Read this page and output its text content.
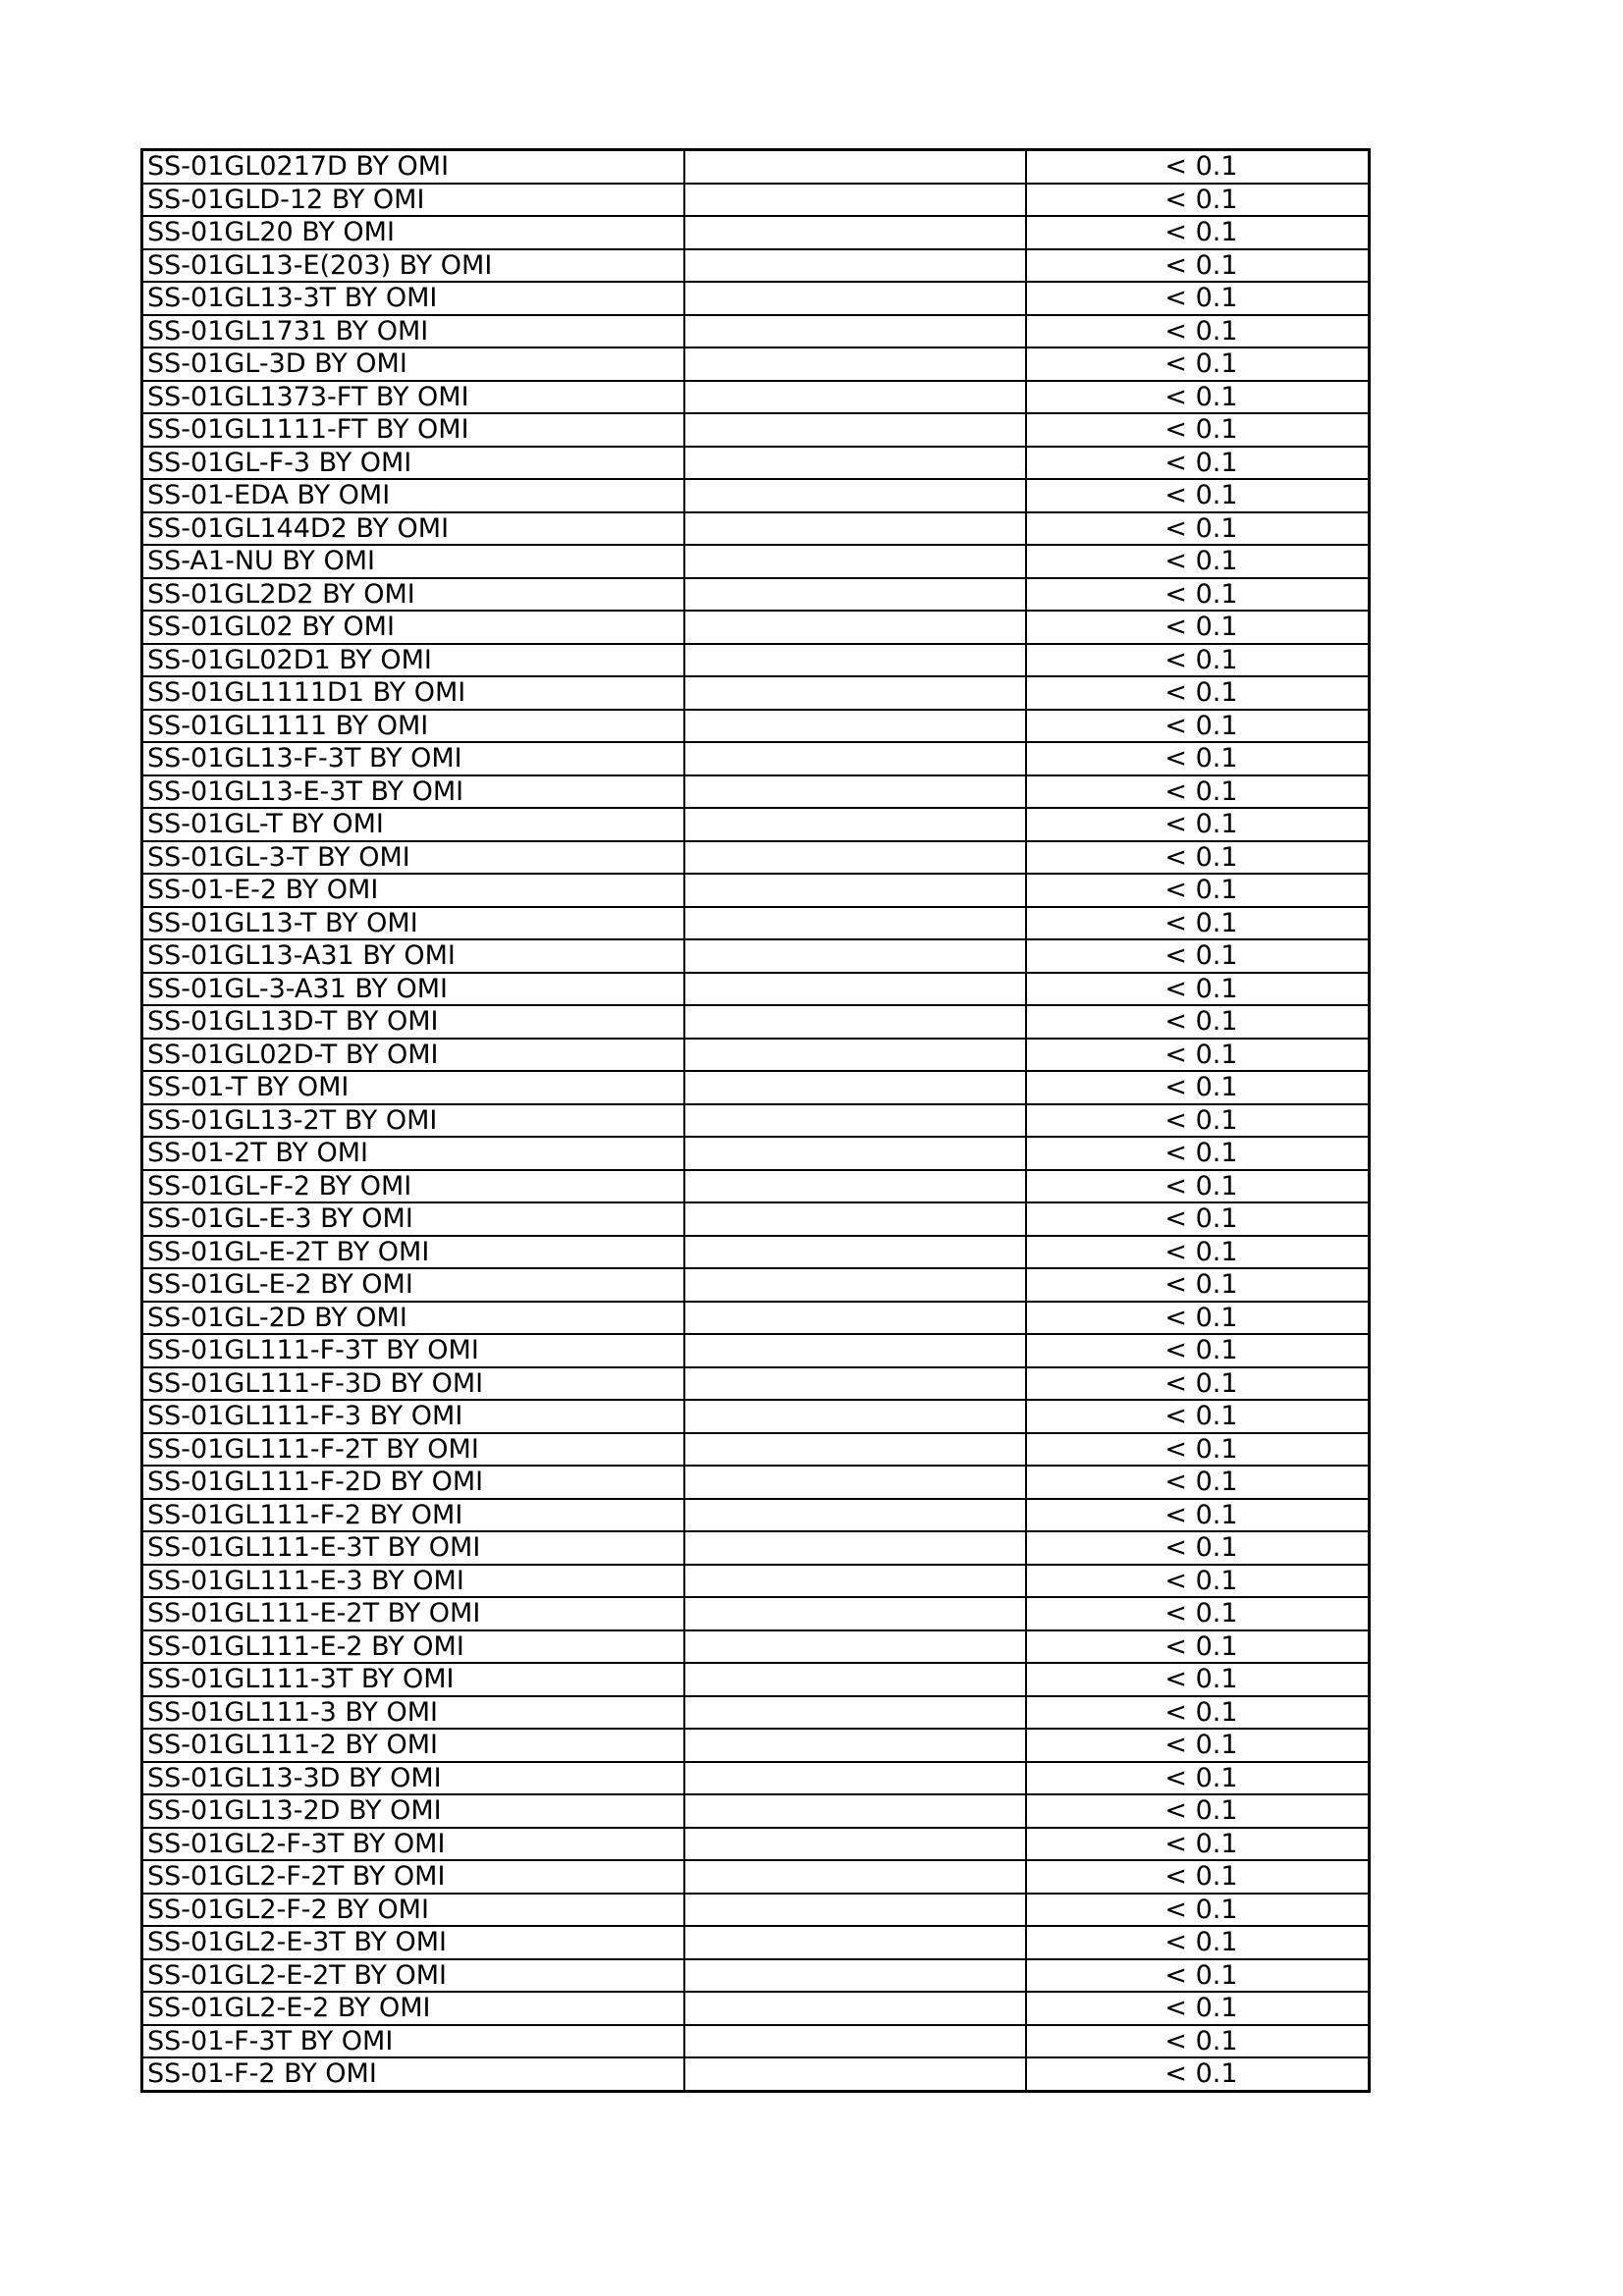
SS-01GL0217D BY OMI		< 0.1
SS-01GLD-12 BY OMI		< 0.1
SS-01GL20 BY OMI		< 0.1
SS-01GL13-E(203) BY OMI		< 0.1
SS-01GL13-3T BY OMI		< 0.1
SS-01GL1731 BY OMI		< 0.1
SS-01GL-3D BY OMI		< 0.1
SS-01GL1373-FT BY OMI		< 0.1
SS-01GL1111-FT BY OMI		< 0.1
SS-01GL-F-3 BY OMI		< 0.1
SS-01-EDA BY OMI		< 0.1
SS-01GL144D2 BY OMI		< 0.1
SS-A1-NU BY OMI		< 0.1
SS-01GL2D2 BY OMI		< 0.1
SS-01GL02 BY OMI		< 0.1
SS-01GL02D1 BY OMI		< 0.1
SS-01GL1111D1 BY OMI		< 0.1
SS-01GL1111 BY OMI		< 0.1
SS-01GL13-F-3T BY OMI		< 0.1
SS-01GL13-E-3T BY OMI		< 0.1
SS-01GL-T BY OMI		< 0.1
SS-01GL-3-T BY OMI		< 0.1
SS-01-E-2 BY OMI		< 0.1
SS-01GL13-T BY OMI		< 0.1
SS-01GL13-A31 BY OMI		< 0.1
SS-01GL-3-A31 BY OMI		< 0.1
SS-01GL13D-T BY OMI		< 0.1
SS-01GL02D-T BY OMI		< 0.1
SS-01-T BY OMI		< 0.1
SS-01GL13-2T BY OMI		< 0.1
SS-01-2T BY OMI		< 0.1
SS-01GL-F-2 BY OMI		< 0.1
SS-01GL-E-3 BY OMI		< 0.1
SS-01GL-E-2T BY OMI		< 0.1
SS-01GL-E-2 BY OMI		< 0.1
SS-01GL-2D BY OMI		< 0.1
SS-01GL111-F-3T BY OMI		< 0.1
SS-01GL111-F-3D BY OMI		< 0.1
SS-01GL111-F-3 BY OMI		< 0.1
SS-01GL111-F-2T BY OMI		< 0.1
SS-01GL111-F-2D BY OMI		< 0.1
SS-01GL111-F-2 BY OMI		< 0.1
SS-01GL111-E-3T BY OMI		< 0.1
SS-01GL111-E-3 BY OMI		< 0.1
SS-01GL111-E-2T BY OMI		< 0.1
SS-01GL111-E-2 BY OMI		< 0.1
SS-01GL111-3T BY OMI		< 0.1
SS-01GL111-3 BY OMI		< 0.1
SS-01GL111-2 BY OMI		< 0.1
SS-01GL13-3D BY OMI		< 0.1
SS-01GL13-2D BY OMI		< 0.1
SS-01GL2-F-3T BY OMI		< 0.1
SS-01GL2-F-2T BY OMI		< 0.1
SS-01GL2-F-2 BY OMI		< 0.1
SS-01GL2-E-3T BY OMI		< 0.1
SS-01GL2-E-2T BY OMI		< 0.1
SS-01GL2-E-2 BY OMI		< 0.1
SS-01-F-3T BY OMI		< 0.1
SS-01-F-2 BY OMI		< 0.1
